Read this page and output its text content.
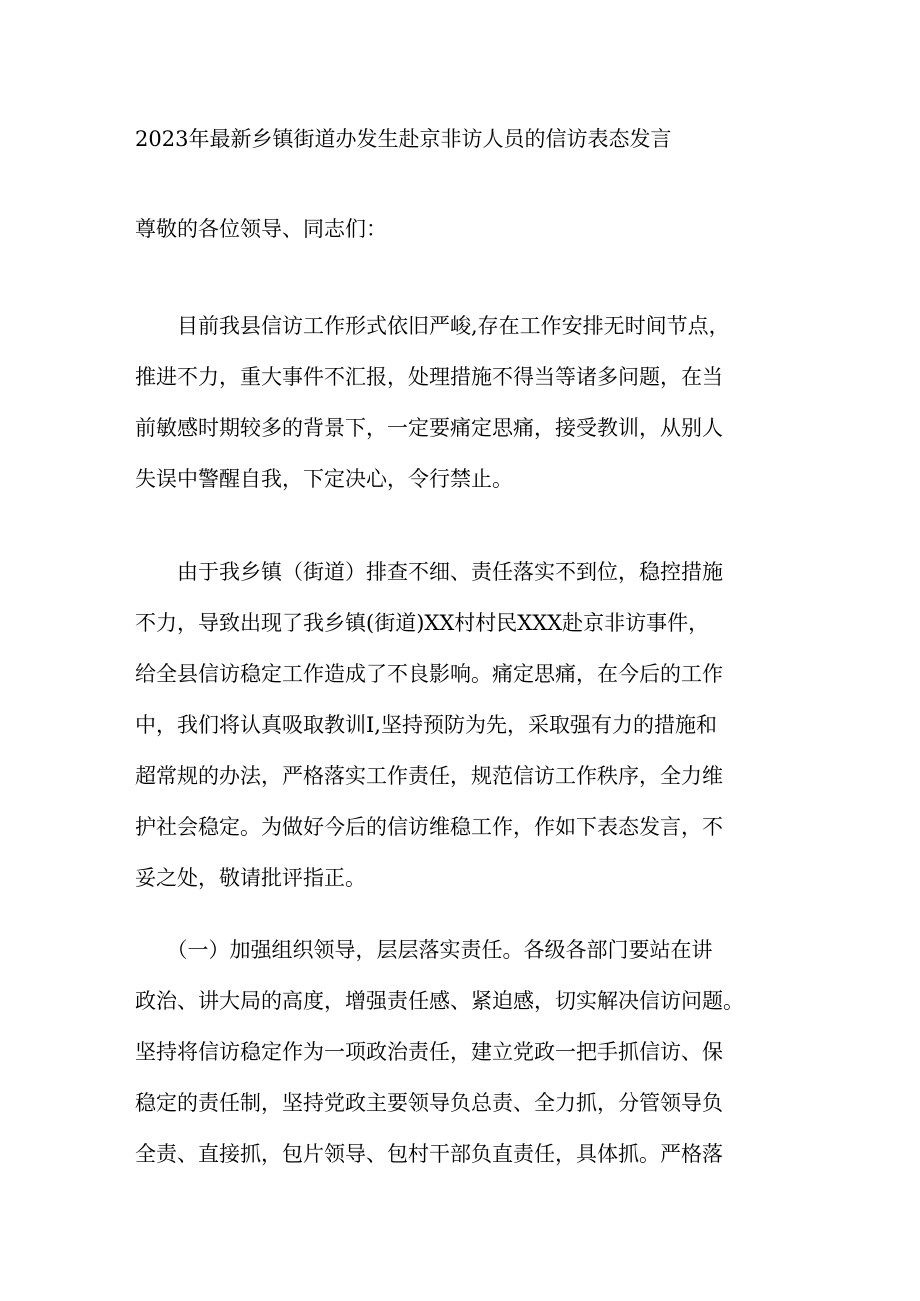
2023年最新乡镇街道办发生赴京非访人员的信访表态发言

尊敬的各位领导、同志们：

　　目前我县信访工作形式依旧严峻,存在工作安排无时间节点，
推进不力，重大事件不汇报，处理措施不得当等诸多问题，在当
前敏感时期较多的背景下，一定要痛定思痛，接受教训，从别人
失误中警醒自我，下定决心，令行禁止。
　　由于我乡镇（街道）排查不细、责任落实不到位，稳控措施
不力，导致出现了我乡镇(街道)XX村村民XXX赴京非访事件，
给全县信访稳定工作造成了不良影响。痛定思痛，在今后的工作
中，我们将认真吸取教训I,坚持预防为先，采取强有力的措施和
超常规的办法，严格落实工作责任，规范信访工作秩序，全力维
护社会稳定。为做好今后的信访维稳工作，作如下表态发言，不
妥之处，敬请批评指正。
　　（一）加强组织领导，层层落实责任。各级各部门要站在讲
政治、讲大局的高度，增强责任感、紧迫感，切实解决信访问题。
坚持将信访稳定作为一项政治责任，建立党政一把手抓信访、保
稳定的责任制，坚持党政主要领导负总责、全力抓，分管领导负
全责、直接抓，包片领导、包村干部负直责任，具体抓。严格落
